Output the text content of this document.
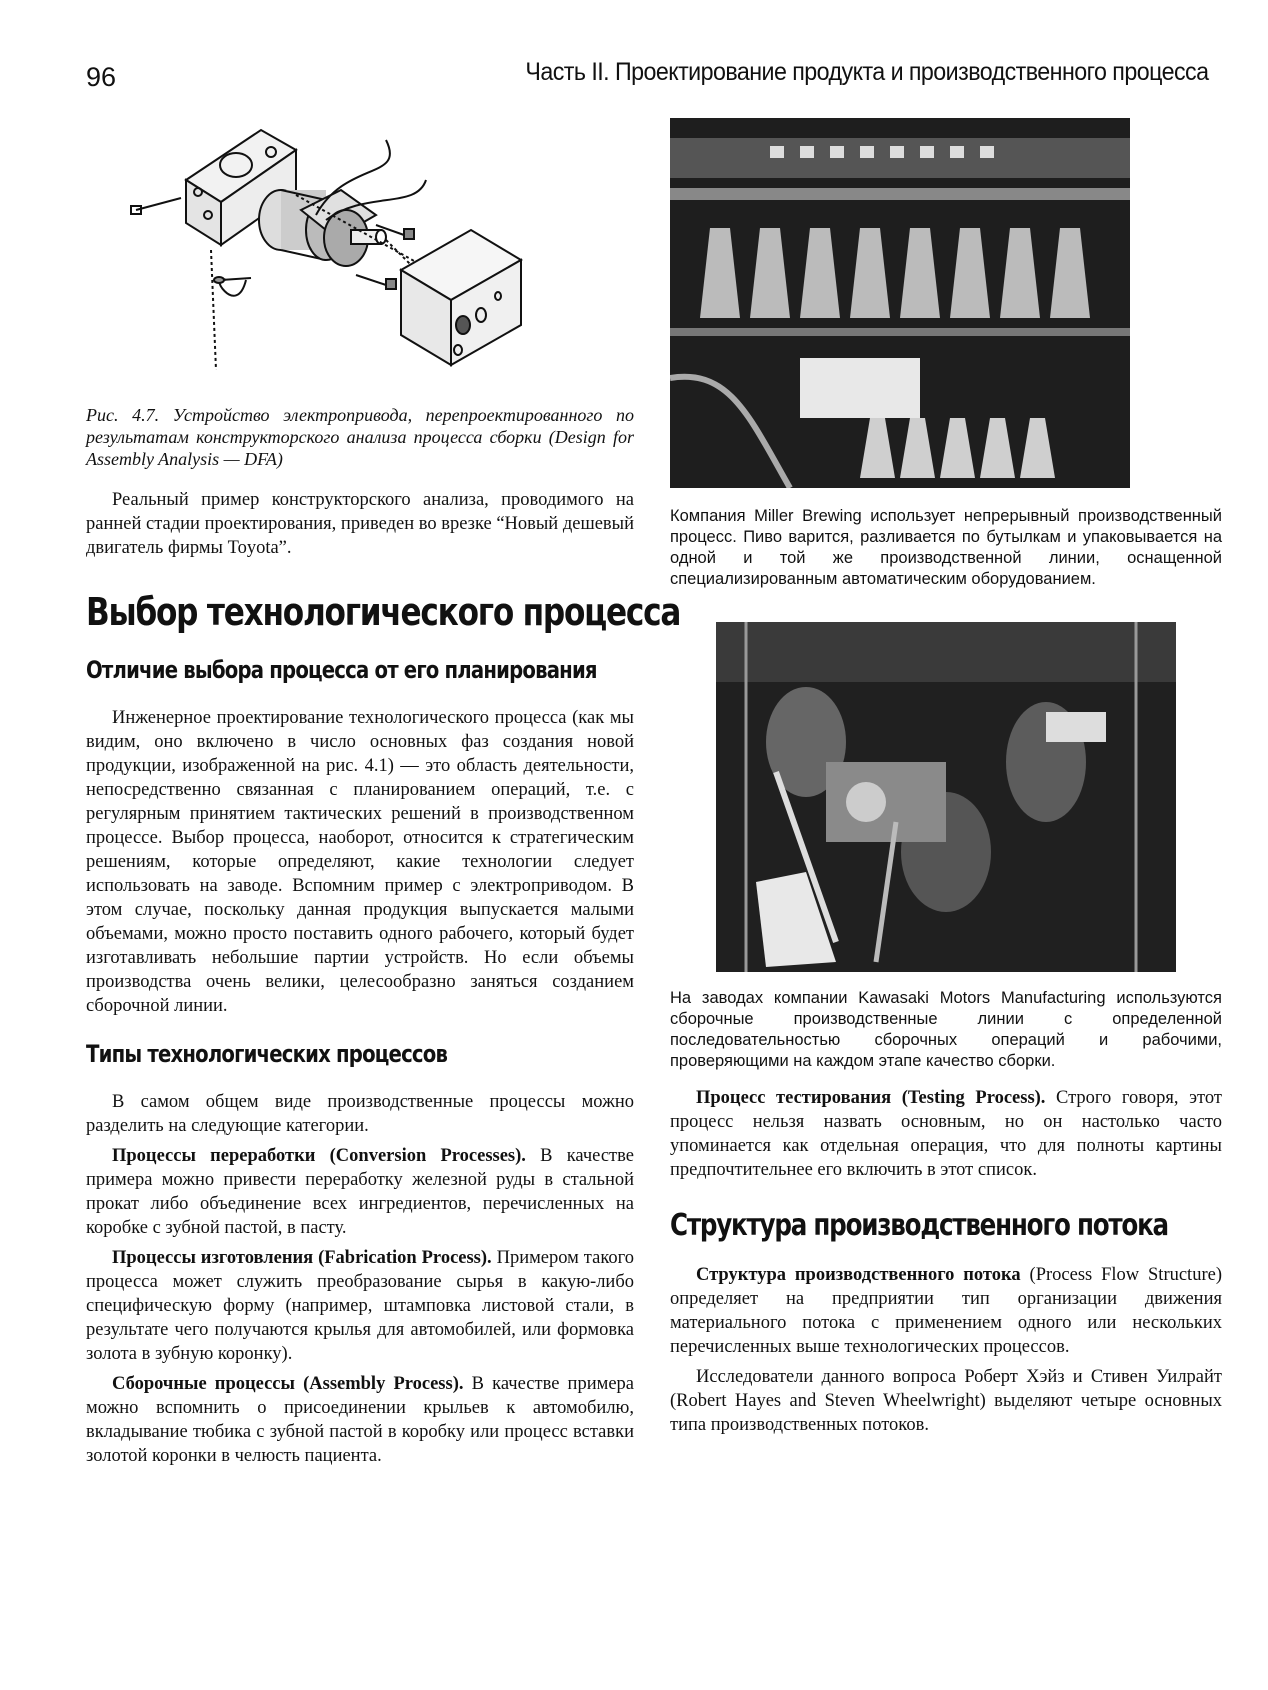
96	Часть II. Проектирование продукта и производственного процесса
Рис. 4.7. Устройство электропривода, перепроектированного по результатам конструкторского анализа процесса сборки (Design for Assembly Analysis — DFA)

Реальный пример конструкторского анализа, проводимого на ранней стадии проектирования, приведен во врезке “Новый дешевый двигатель фирмы Toyota”.

Выбор технологического процесса
Отличие выбора процесса от его планирования

Инженерное проектирование технологического процесса (как мы видим, оно включено в число основных фаз создания новой продукции, изображенной на рис. 4.1) — это область деятельности, непосредственно связанная с планированием операций, т.е. с регулярным принятием тактических решений в производственном процессе. Выбор процесса, наоборот, относится к стратегическим решениям, которые определяют, какие технологии следует использовать на заводе. Вспомним пример с электроприводом. В этом случае, поскольку данная продукция выпускается малыми объемами, можно просто поставить одного рабочего, который будет изготавливать небольшие партии устройств. Но если объемы производства очень велики, целесообразно заняться созданием сборочной линии.

Типы технологических процессов

В самом общем виде производственные процессы можно разделить на следующие категории.

Процессы переработки (Conversion Processes). В качестве примера можно привести переработку железной руды в стальной прокат либо объединение всех ингредиентов, перечисленных на коробке с зубной пастой, в пасту.

Процессы изготовления (Fabrication Process). Примером такого процесса может служить преобразование сырья в какую-либо специфическую форму (например, штамповка листовой стали, в результате чего получаются крылья для автомобилей, или формовка золота в зубную коронку).

Сборочные процессы (Assembly Process). В качестве примера можно вспомнить о присоединении крыльев к автомобилю, вкладывание тюбика с зубной пастой в коробку или процесс вставки золотой коронки в челюсть пациента.

Компания Miller Brewing использует непрерывный производственный процесс. Пиво варится, разливается по бутылкам и упаковывается на одной и той же производственной линии, оснащенной специализированным автоматическим оборудованием.
На заводах компании Kawasaki Motors Manufacturing используются сборочные производственные линии с определенной последовательностью сборочных операций и рабочими, проверяющими на каждом этапе качество сборки.

Процесс тестирования (Testing Process). Строго говоря, этот процесс нельзя назвать основным, но он настолько часто упоминается как отдельная операция, что для полноты картины предпочтительнее его включить в этот список.

Структура производственного потока

Структура производственного потока (Process Flow Structure) определяет на предприятии тип организации движения материального потока с применением одного или нескольких перечисленных выше технологических процессов.

Исследователи данного вопроса Роберт Хэйз и Стивен Уилрайт (Robert Hayes and Steven Wheelwright) выделяют четыре основных типа производственных потоков.
